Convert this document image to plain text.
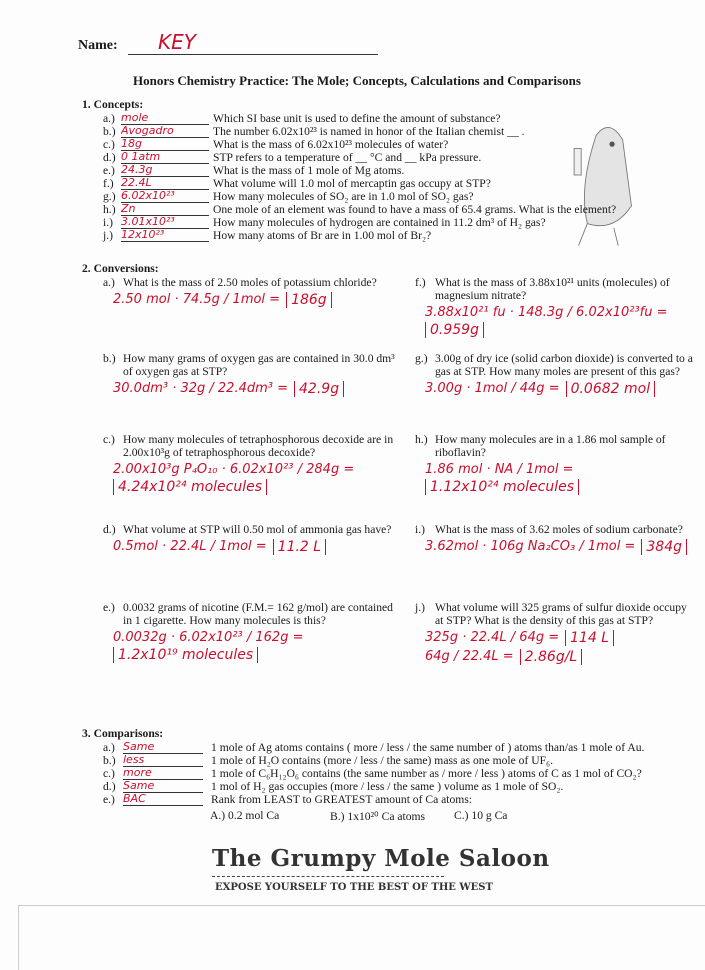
Name:	KEY
Honors Chemistry Practice: The Mole; Concepts, Calculations and Comparisons
1. Concepts:
2. Conversions:
3. Comparisons:
A.) 0.2 mol Ca	B.) 1x10²⁰ Ca atoms C.) 10 g Ca
The Grumpy Mole Saloon
EXPOSE YOURSELF TO THE BEST OF THE WEST
a.) mole	Which SI base unit is used to define the amount of substance?
b.) Avogadro	The number 6.02x10²³ is named in honor of the Italian chemist __ .
c.) 18g	What is the mass of 6.02x10²³ molecules of water?
d.) 0 1atm	STP refers to a temperature of __ °C and __ kPa pressure.
e.) 24.3g	What is the mass of 1 mole of Mg atoms.
f.) 22.4L	What volume will 1.0 mol of mercaptin gas occupy at STP?
g.) 6.02x10²³	How many molecules of SO₂ are in 1.0 mol of SO₂ gas?
h.) Zn	One mole of an element was found to have a mass of 65.4 grams. What is the element?
i.) 3.01x10²³	How many molecules of hydrogen are contained in 11.2 dm³ of H₂ gas?
j.) 12x10²³	How many atoms of Br are in 1.00 mol of Br₂?
a.) What is the mass of 2.50 moles of potassium chloride?
2.50 mol · 74.5g / 1mol = 186g
b.) How many grams of oxygen gas are contained in 30.0 dm³ of oxygen gas at STP?
30.0dm³ · 32g / 22.4dm³ = 42.9g
c.) How many molecules of tetraphosphorous decoxide are in 2.00x10³g of tetraphosphorous decoxide?
2.00x10³g P₄O₁₀ · 6.02x10²³ / 284g =
4.24x10²⁴ molecules
d.) What volume at STP will 0.50 mol of ammonia gas have?
0.5mol · 22.4L / 1mol = 11.2 L
e.) 0.0032 grams of nicotine (F.M.= 162 g/mol) are contained in 1 cigarette. How many molecules is this?
0.0032g · 6.02x10²³ / 162g =
1.2x10¹⁹ molecules
f.) What is the mass of 3.88x10²¹ units (molecules) of magnesium nitrate?
3.88x10²¹ fu · 148.3g / 6.02x10²³fu =
0.959g
g.) 3.00g of dry ice (solid carbon dioxide) is converted to a gas at STP. How many moles are present of this gas?
3.00g · 1mol / 44g = 0.0682 mol
h.) How many molecules are in a 1.86 mol sample of riboflavin?
1.86 mol · NA / 1mol =
1.12x10²⁴ molecules
i.) What is the mass of 3.62 moles of sodium carbonate?
3.62mol · 106g Na₂CO₃ / 1mol = 384g
j.) What volume will 325 grams of sulfur dioxide occupy at STP? What is the density of this gas at STP?
325g · 22.4L / 64g = 114 L
64g / 22.4L = 2.86g/L
a.) Same	1 mole of Ag atoms contains ( more / less / the same number of ) atoms than/as 1 mole of Au.
b.) less	1 mole of H₂O contains (more / less / the same) mass as one mole of UF₆.
c.) more	1 mole of C₆H₁₂O₆ contains (the same number as / more / less ) atoms of C as 1 mol of CO₂?
d.) Same	1 mol of H₂ gas occupies (more / less / the same ) volume as 1 mole of SO₂.
e.) BAC	Rank from LEAST to GREATEST amount of Ca atoms:
